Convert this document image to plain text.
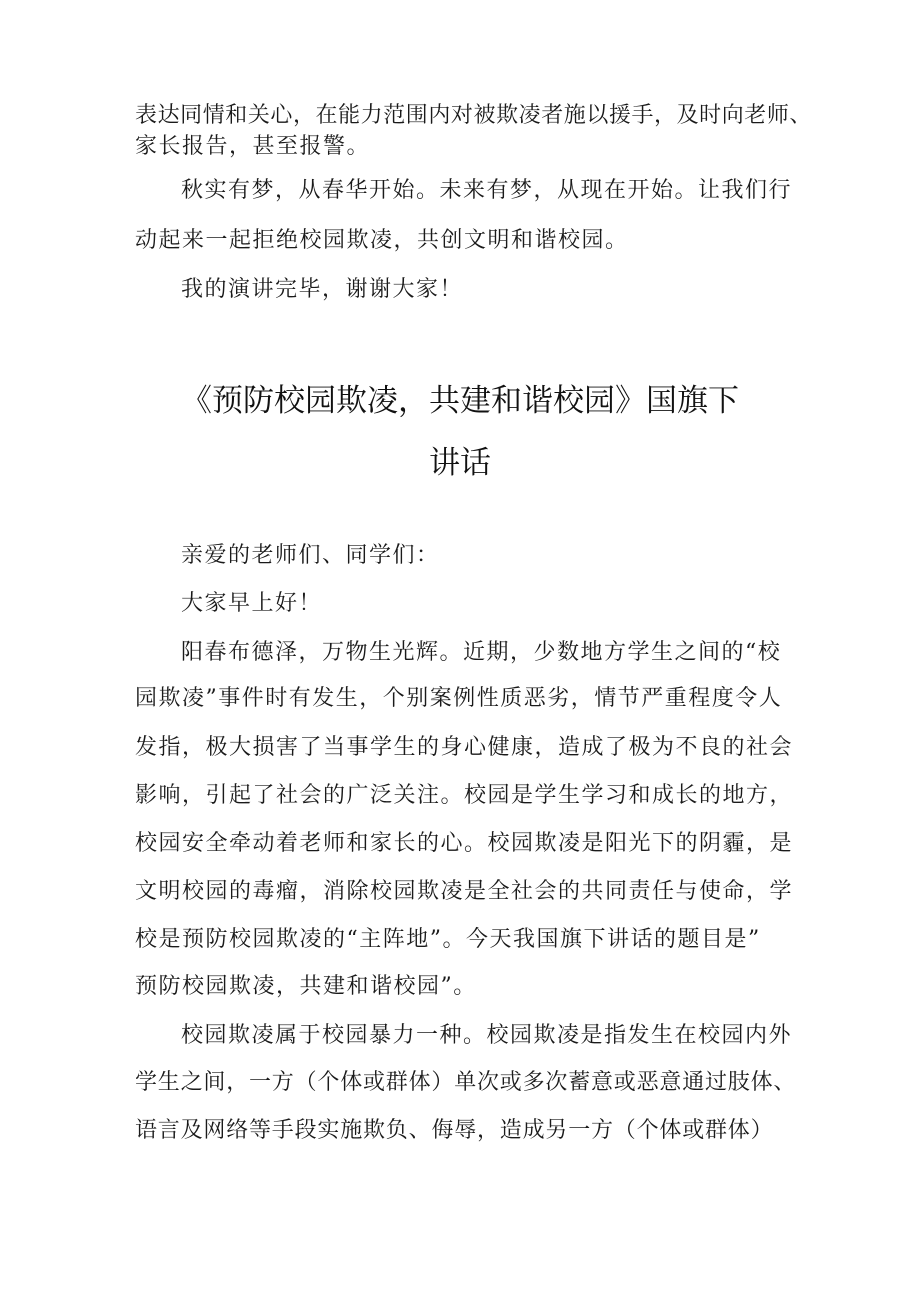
表达同情和关心，在能力范围内对被欺凌者施以援手，及时向老师、
家长报告，甚至报警。
秋实有梦，从春华开始。未来有梦，从现在开始。让我们行
动起来一起拒绝校园欺凌，共创文明和谐校园。
我的演讲完毕，谢谢大家！
《预防校园欺凌，共建和谐校园》国旗下
讲话
亲爱的老师们、同学们：
大家早上好！
阳春布德泽，万物生光辉。近期，少数地方学生之间的“校
园欺凌”事件时有发生，个别案例性质恶劣，情节严重程度令人
发指，极大损害了当事学生的身心健康，造成了极为不良的社会
影响，引起了社会的广泛关注。校园是学生学习和成长的地方，
校园安全牵动着老师和家长的心。校园欺凌是阳光下的阴霾，是
文明校园的毒瘤，消除校园欺凌是全社会的共同责任与使命，学
校是预防校园欺凌的“主阵地”。今天我国旗下讲话的题目是”
预防校园欺凌，共建和谐校园”。
校园欺凌属于校园暴力一种。校园欺凌是指发生在校园内外
学生之间，一方（个体或群体）单次或多次蓄意或恶意通过肢体、
语言及网络等手段实施欺负、侮辱，造成另一方（个体或群体）
